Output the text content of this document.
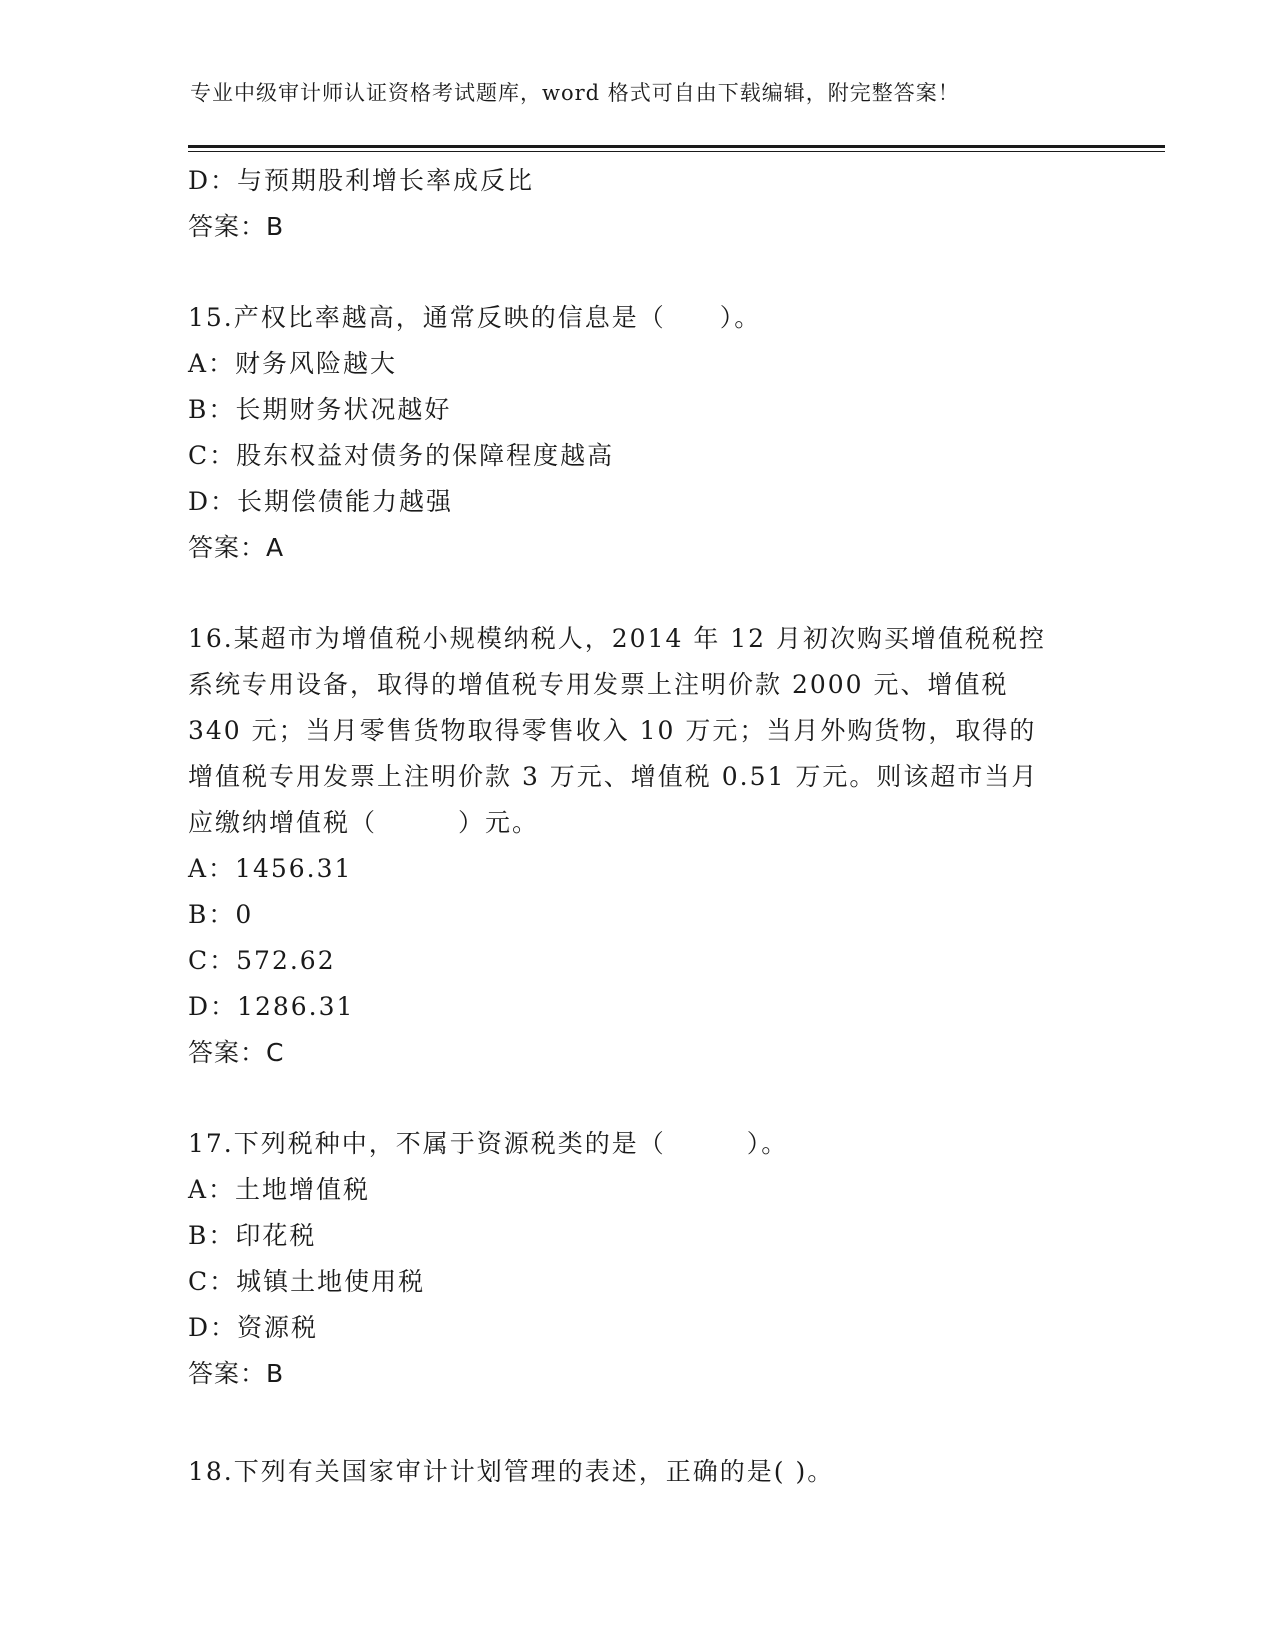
专业中级审计师认证资格考试题库，word 格式可自由下载编辑，附完整答案！
D：与预期股利增长率成反比
答案：B
15.产权比率越高，通常反映的信息是（　　）。
A：财务风险越大
B：长期财务状况越好
C：股东权益对债务的保障程度越高
D：长期偿债能力越强
答案：A
16.某超市为增值税小规模纳税人，2014 年 12 月初次购买增值税税控
系统专用设备，取得的增值税专用发票上注明价款 2000 元、增值税
340 元；当月零售货物取得零售收入 10 万元；当月外购货物，取得的
增值税专用发票上注明价款 3 万元、增值税 0.51 万元。则该超市当月
应缴纳增值税（　　　）元。
A：1456.31
B：0
C：572.62
D：1286.31
答案：C
17.下列税种中，不属于资源税类的是（　　　）。
A：土地增值税
B：印花税
C：城镇土地使用税
D：资源税
答案：B
18.下列有关国家审计计划管理的表述，正确的是( )。
